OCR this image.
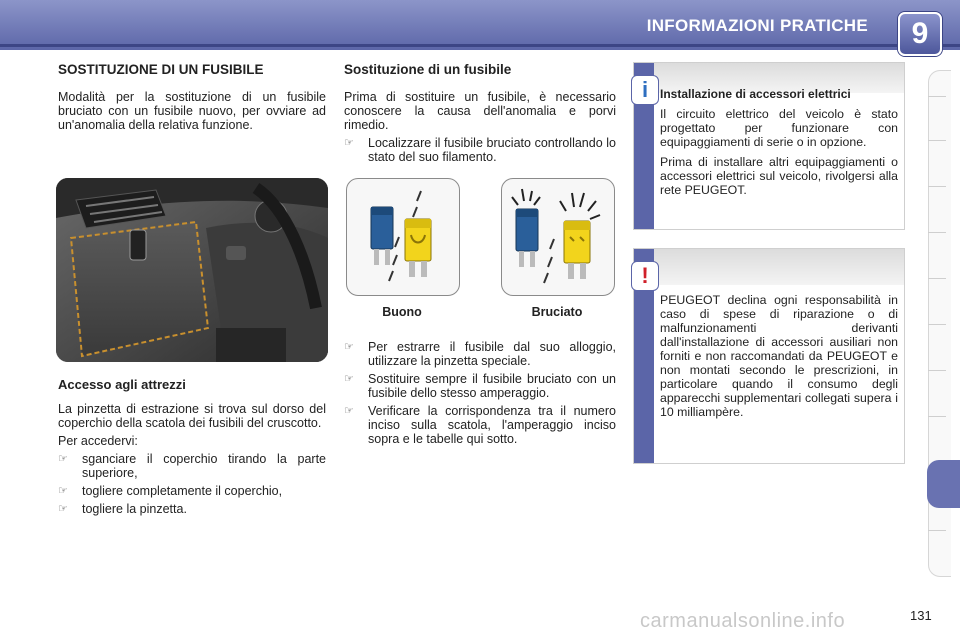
INFORMAZIONI PRATICHE	9
SOSTITUZIONE DI UN FUSIBILE

Modalità per la sostituzione di un fusibile bruciato con un fusibile nuovo, per ovviare ad un'anomalia della relativa funzione.

Accesso agli attrezzi

La pinzetta di estrazione si trova sul dorso del coperchio della scatola dei fusibili del cruscotto.

Per accedervi:

☞ sganciare il coperchio tirando la parte superiore,
☞ togliere completamente il coperchio,
☞ togliere la pinzetta.
Sostituzione di un fusibile

Prima di sostituire un fusibile, è necessario conoscere la causa dell'anomalia e porvi rimedio.

☞ Localizzare il fusibile bruciato controllando lo stato del suo filamento.
Buono	Bruciato
☞ Per estrarre il fusibile dal suo alloggio, utilizzare la pinzetta speciale.
☞ Sostituire sempre il fusibile bruciato con un fusibile dello stesso amperaggio.
☞ Verificare la corrispondenza tra il numero inciso sulla scatola, l'amperaggio inciso sopra e le tabelle qui sotto.
i Installazione di accessori elettrici

Il circuito elettrico del veicolo è stato progettato per funzionare con equipaggiamenti di serie o in opzione.

Prima di installare altri equipaggiamenti o accessori elettrici sul veicolo, rivolgersi alla rete PEUGEOT.

!

PEUGEOT declina ogni responsabilità in caso di spese di riparazione o di malfunzionamenti derivanti dall'installazione di accessori ausiliari non forniti e non raccomandati da PEUGEOT e non montati secondo le prescrizioni, in particolare quando il consumo degli apparecchi supplementari collegati supera i 10 milliampère.

carmanualsonline.info	131
